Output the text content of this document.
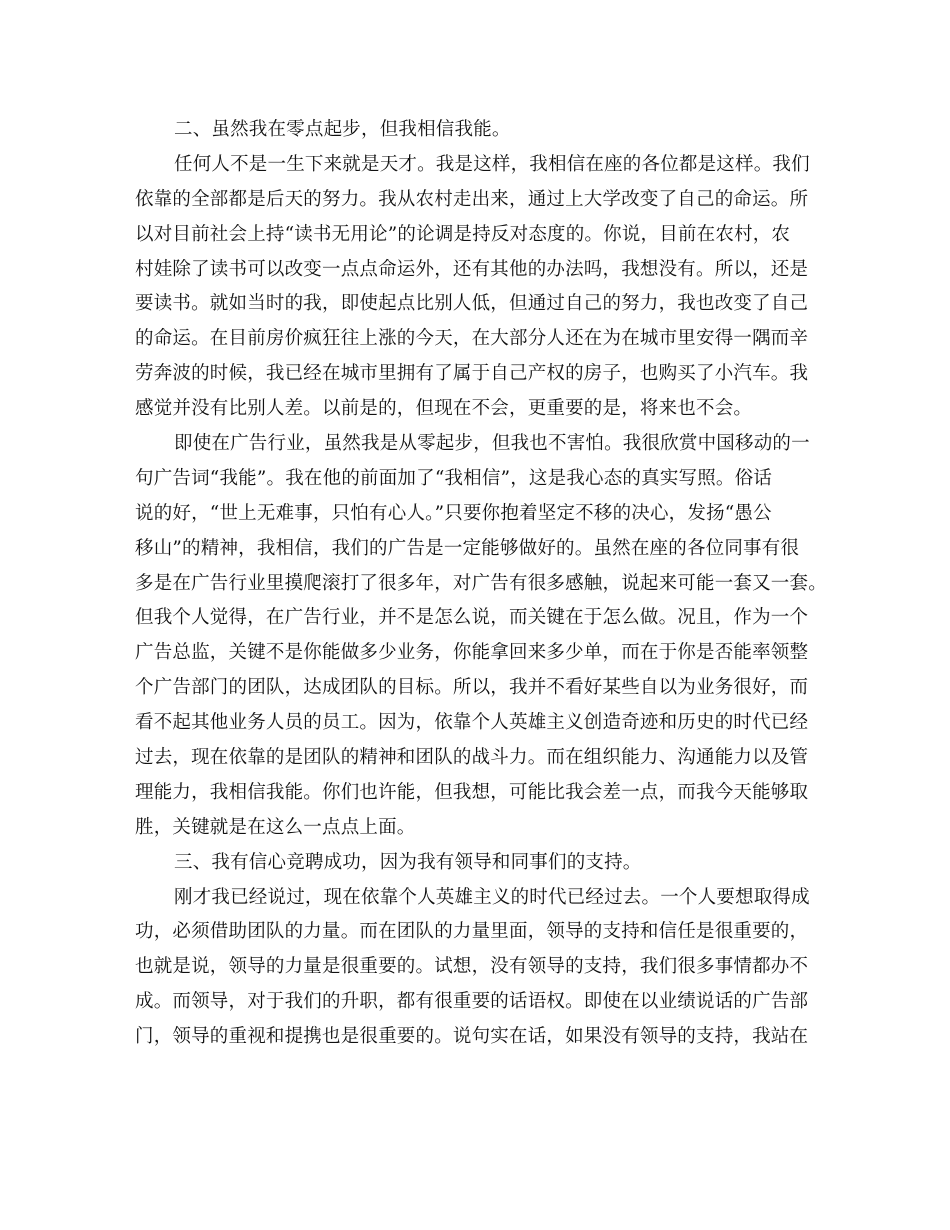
二、虽然我在零点起步，但我相信我能。
任何人不是一生下来就是天才。我是这样，我相信在座的各位都是这样。我们
依靠的全部都是后天的努力。我从农村走出来，通过上大学改变了自己的命运。所
以对目前社会上持“读书无用论”的论调是持反对态度的。你说，目前在农村，农
村娃除了读书可以改变一点点命运外，还有其他的办法吗，我想没有。所以，还是
要读书。就如当时的我，即使起点比别人低，但通过自己的努力，我也改变了自己
的命运。在目前房价疯狂往上涨的今天，在大部分人还在为在城市里安得一隅而辛
劳奔波的时候，我已经在城市里拥有了属于自己产权的房子，也购买了小汽车。我
感觉并没有比别人差。以前是的，但现在不会，更重要的是，将来也不会。
即使在广告行业，虽然我是从零起步，但我也不害怕。我很欣赏中国移动的一
句广告词“我能”。我在他的前面加了“我相信”，这是我心态的真实写照。俗话
说的好，“世上无难事，只怕有心人。”只要你抱着坚定不移的决心，发扬“愚公
移山”的精神，我相信，我们的广告是一定能够做好的。虽然在座的各位同事有很
多是在广告行业里摸爬滚打了很多年，对广告有很多感触，说起来可能一套又一套。
但我个人觉得，在广告行业，并不是怎么说，而关键在于怎么做。况且，作为一个
广告总监，关键不是你能做多少业务，你能拿回来多少单，而在于你是否能率领整
个广告部门的团队，达成团队的目标。所以，我并不看好某些自以为业务很好，而
看不起其他业务人员的员工。因为，依靠个人英雄主义创造奇迹和历史的时代已经
过去，现在依靠的是团队的精神和团队的战斗力。而在组织能力、沟通能力以及管
理能力，我相信我能。你们也许能，但我想，可能比我会差一点，而我今天能够取
胜，关键就是在这么一点点上面。
三、我有信心竞聘成功，因为我有领导和同事们的支持。
刚才我已经说过，现在依靠个人英雄主义的时代已经过去。一个人要想取得成
功，必须借助团队的力量。而在团队的力量里面，领导的支持和信任是很重要的，
也就是说，领导的力量是很重要的。试想，没有领导的支持，我们很多事情都办不
成。而领导，对于我们的升职，都有很重要的话语权。即使在以业绩说话的广告部
门，领导的重视和提携也是很重要的。说句实在话，如果没有领导的支持，我站在
